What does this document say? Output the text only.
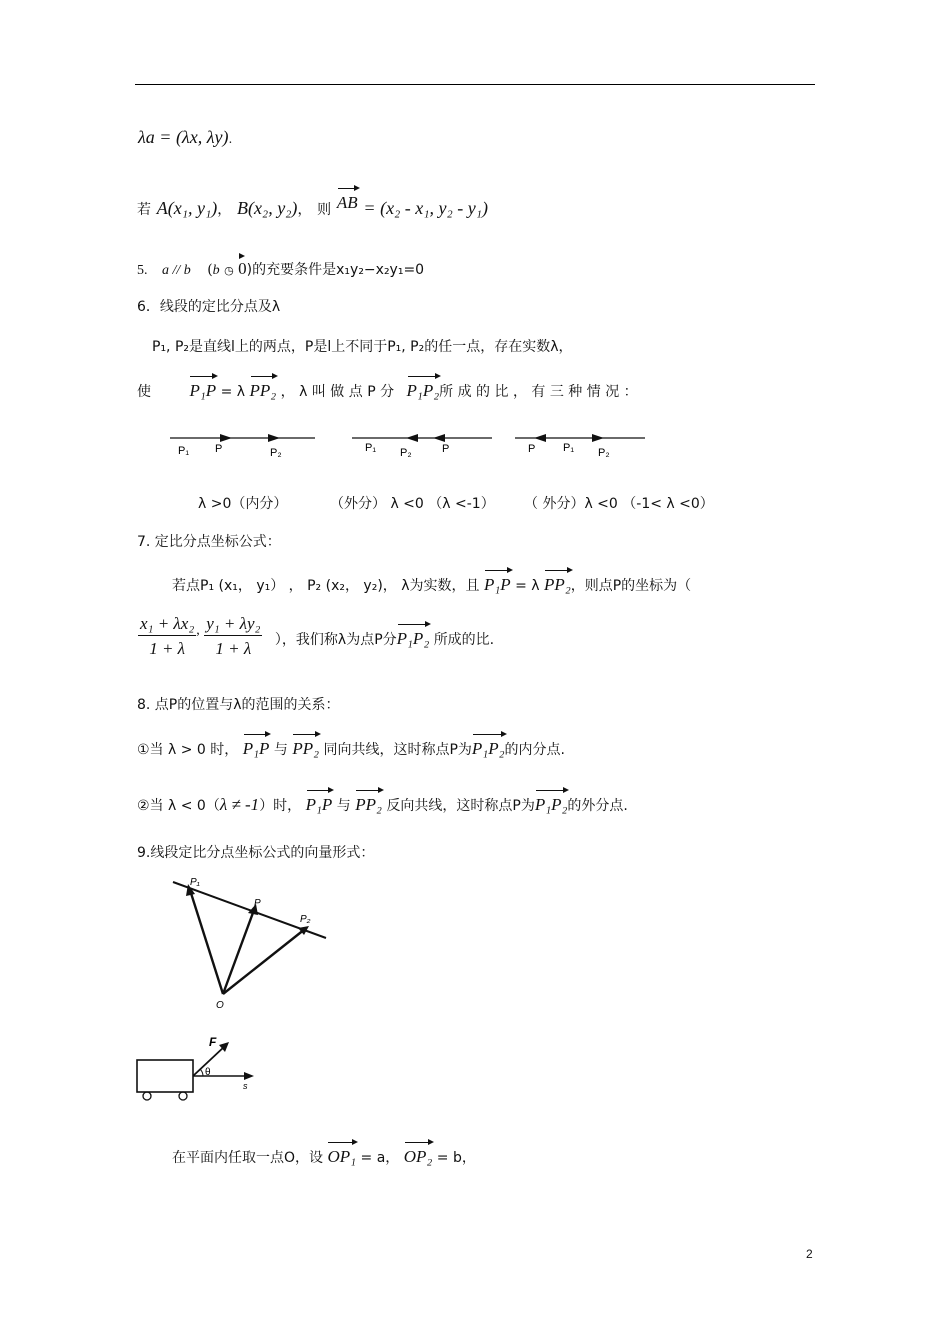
λa = (λx, λy).
若 A(x₁, y₁)， B(x₂, y₂)， 则 AB = (x₂ - x₁, y₂ - y₁)
5. a // b (b ◷ 0)的充要条件是x₁y₂−x₂y₁=0
6．线段的定比分点及λ
P₁, P₂是直线l上的两点，P是l上不同于P₁, P₂的任一点，存在实数λ，
使 P₁P = λ PP₂ ， λ 叫 做 点 P 分 P₁P₂所 成 的 比 ， 有 三 种 情 况 ：
P₁ P	P₂	P₁ P₂	P	P	P₁ P₂
λ >0（内分）	（外分） λ <0 （λ <-1） （ 外分）λ <0 （-1< λ <0）
7. 定比分点坐标公式：
若点P₁ (x₁， y₁） ， P₂ (x₂， y₂)， λ为实数，且 P₁P = λ PP₂，则点P的坐标为（
$\frac{\text{x₁ + λx₂}}{1 + \lambda}$ , $\frac{\text{y₁ + λy₂}}{1 + \lambda}$ ），我们称λ为点P分
P₁P₂ 所成的比.
8. 点P的位置与λ的范围的关系：
①当 λ > 0 时， P₁P 与 PP₂ 同向共线，这时称点P为
P₁P₂的内分点.
②当 λ < 0（λ ≠ -1）时， P₁P 与 PP₂ 反向共线，这时称点P为
P₁P₂的外分点.
9.线段定比分点坐标公式的向量形式：
P₁
P
P₂
O
F
θ
s
在平面内任取一点O，设 OP₁ = a， OP₂ = b，
2
